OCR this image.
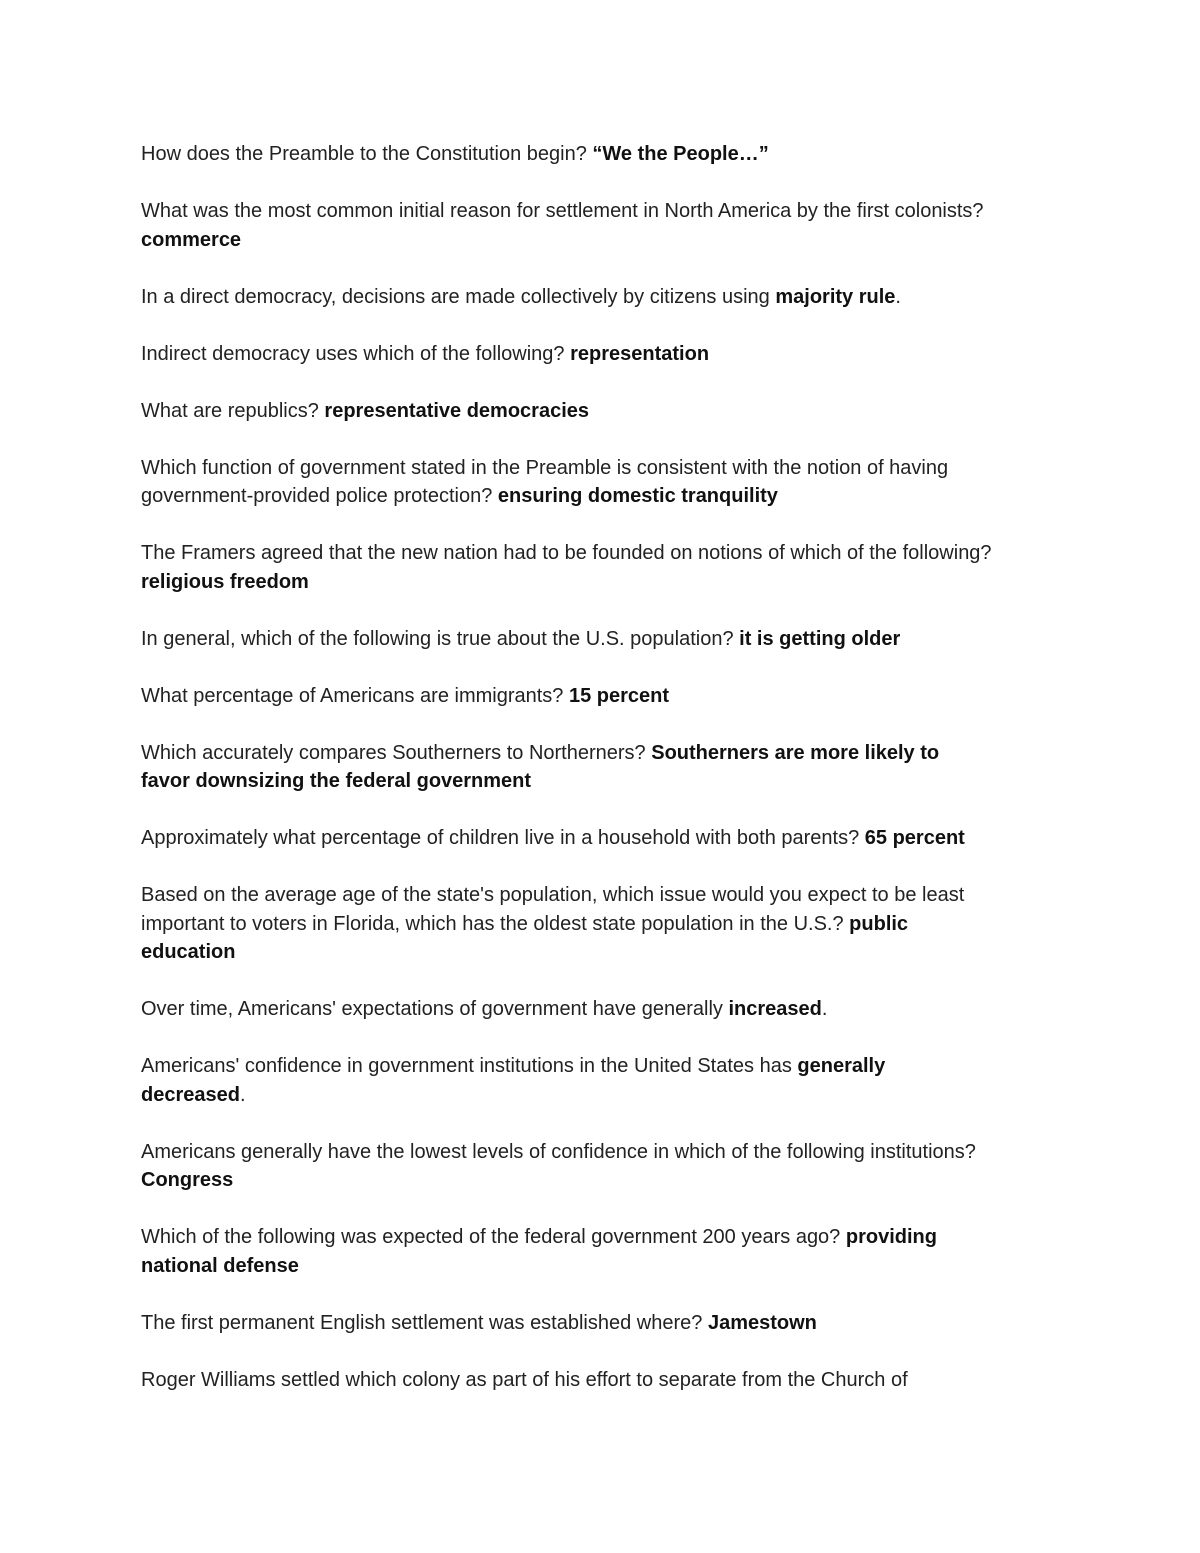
How does the Preamble to the Constitution begin? “We the People…”
What was the most common initial reason for settlement in North America by the first colonists?
commerce
In a direct democracy, decisions are made collectively by citizens using majority rule.
Indirect democracy uses which of the following? representation
What are republics? representative democracies
Which function of government stated in the Preamble is consistent with the notion of having
government-provided police protection? ensuring domestic tranquility
The Framers agreed that the new nation had to be founded on notions of which of the following?
religious freedom
In general, which of the following is true about the U.S. population? it is getting older
What percentage of Americans are immigrants? 15 percent
Which accurately compares Southerners to Northerners? Southerners are more likely to
favor downsizing the federal government
Approximately what percentage of children live in a household with both parents? 65 percent
Based on the average age of the state's population, which issue would you expect to be least
important to voters in Florida, which has the oldest state population in the U.S.? public
education
Over time, Americans' expectations of government have generally increased.
Americans' confidence in government institutions in the United States has generally
decreased.
Americans generally have the lowest levels of confidence in which of the following institutions?
Congress
Which of the following was expected of the federal government 200 years ago? providing
national defense
The first permanent English settlement was established where? Jamestown
Roger Williams settled which colony as part of his effort to separate from the Church of
